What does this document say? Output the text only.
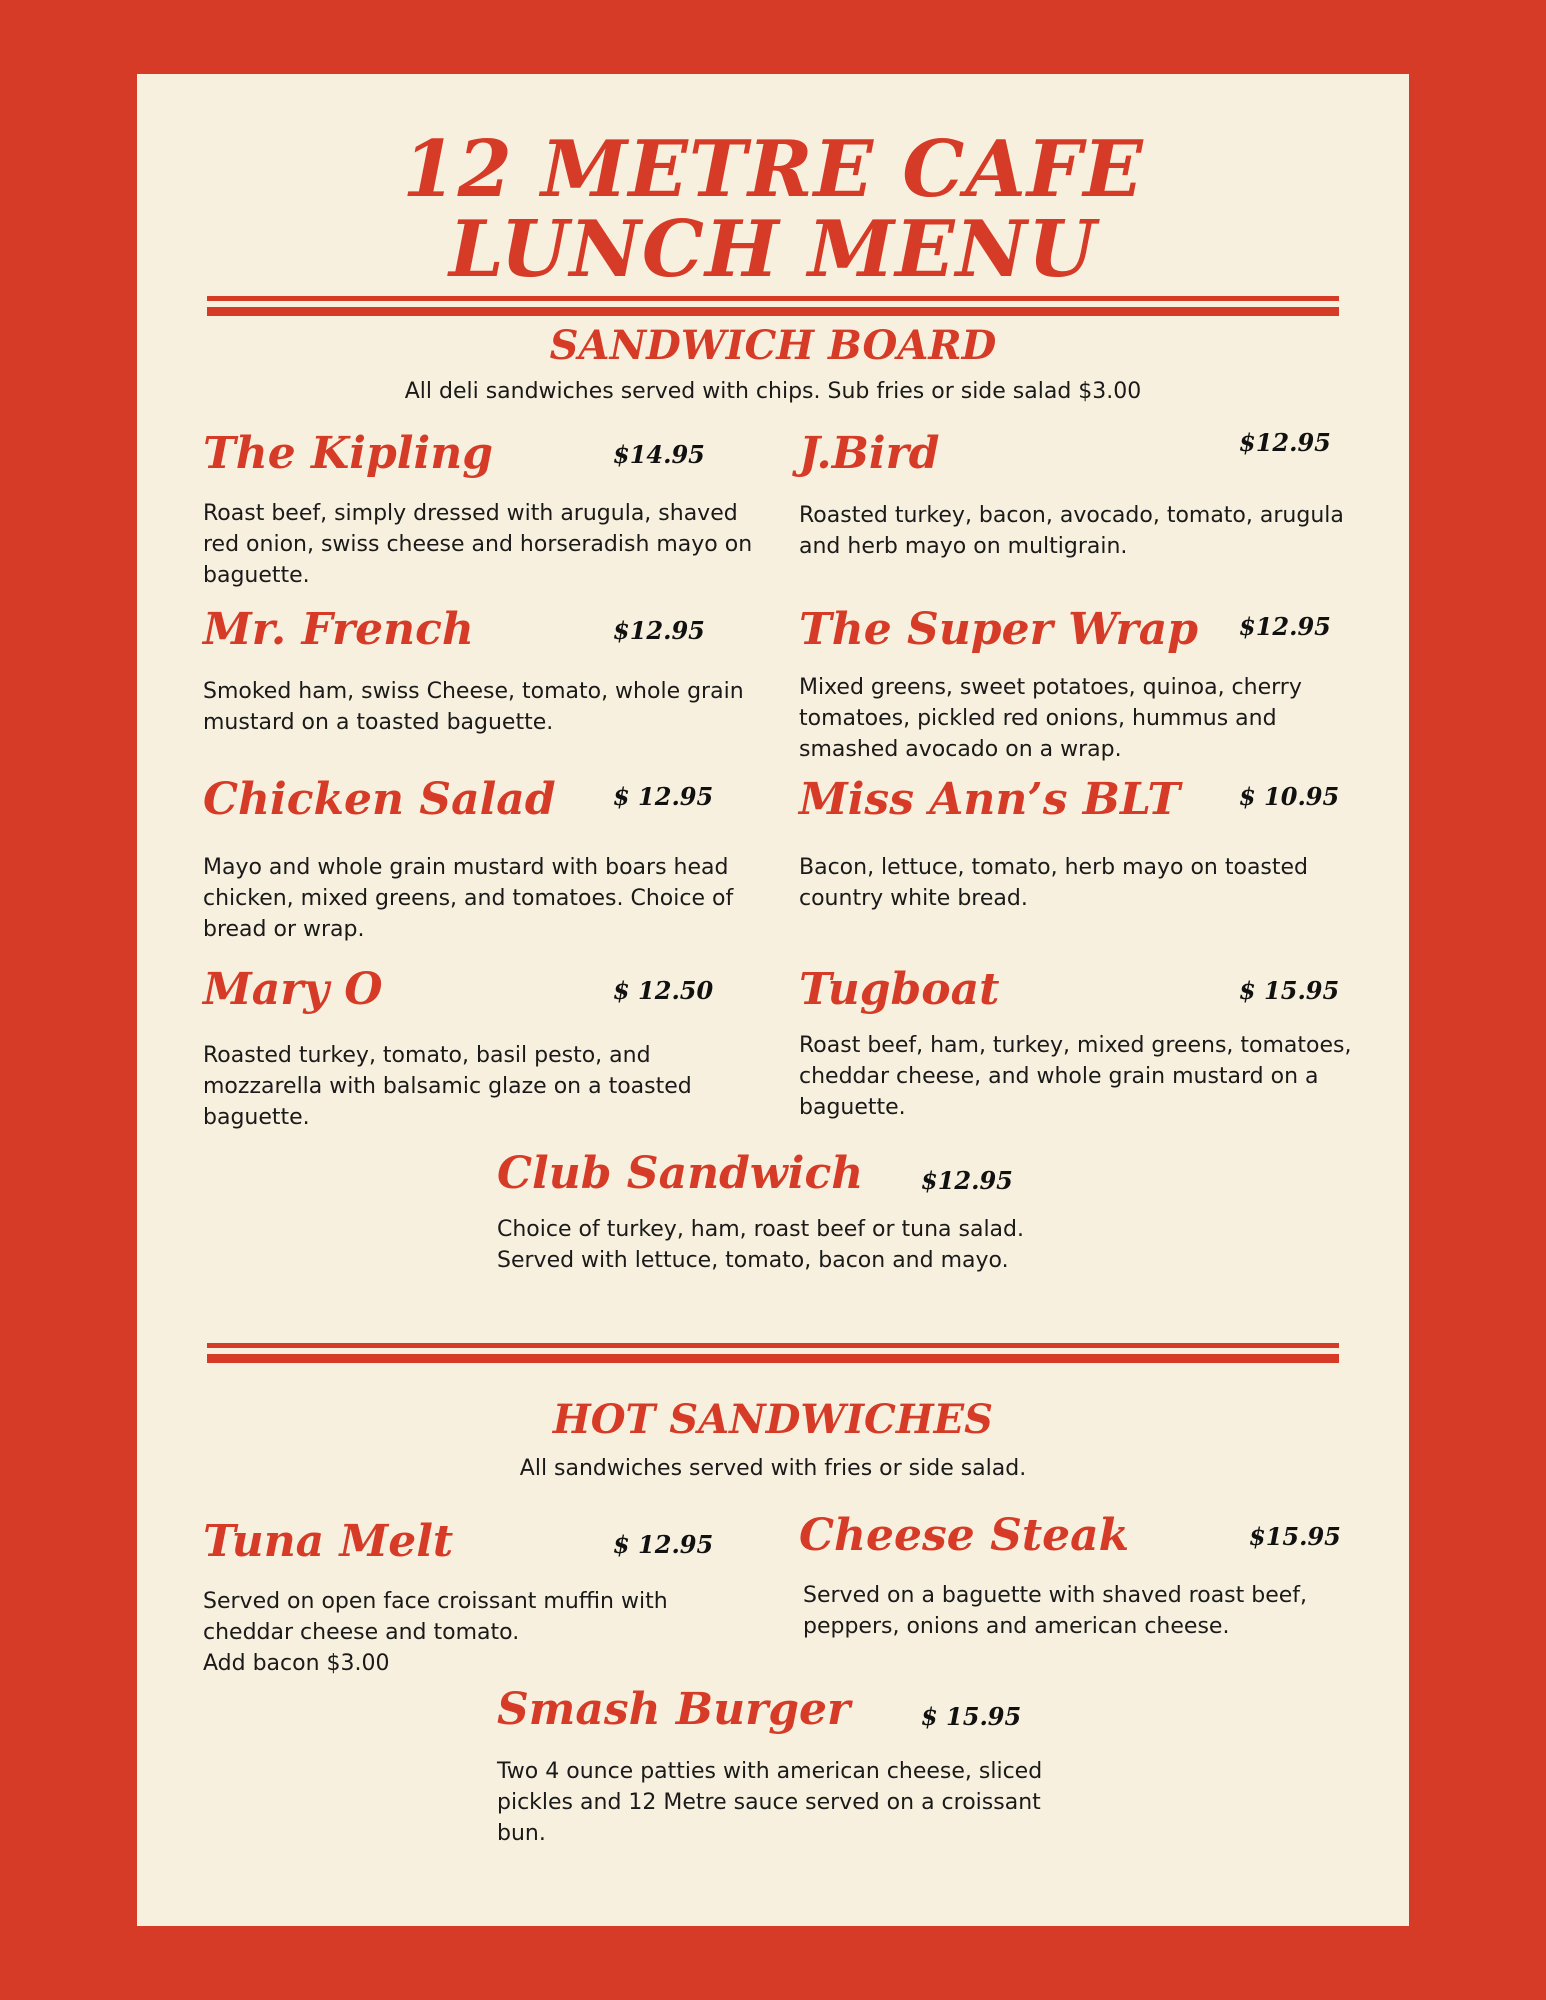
12 METRE CAFE
LUNCH MENU
SANDWICH BOARD
All deli sandwiches served with chips. Sub fries or side salad $3.00
The Kipling	$14.95
Roast beef, simply dressed with arugula, shaved red onion, swiss cheese and horseradish mayo on baguette.
J.Bird	$12.95
Roasted turkey, bacon, avocado, tomato, arugula and herb mayo on multigrain.
Mr. French	$12.95
Smoked ham, swiss Cheese, tomato, whole grain mustard on a toasted baguette.
The Super Wrap $12.95
Mixed greens, sweet potatoes, quinoa, cherry tomatoes, pickled red onions, hummus and smashed avocado on a wrap.
Chicken Salad $ 12.95
Mayo and whole grain mustard with boars head chicken, mixed greens, and tomatoes. Choice of bread or wrap.
Miss Ann’s BLT $ 10.95
Bacon, lettuce, tomato, herb mayo on toasted country white bread.
Mary O	$ 12.50
Roasted turkey, tomato, basil pesto, and mozzarella with balsamic glaze on a toasted baguette.
Tugboat	$ 15.95
Roast beef, ham, turkey, mixed greens, tomatoes, cheddar cheese, and whole grain mustard on a baguette.
Club Sandwich $12.95
Choice of turkey, ham, roast beef or tuna salad. Served with lettuce, tomato, bacon and mayo.
HOT SANDWICHES
All sandwiches served with fries or side salad.
Tuna Melt	$ 12.95
Served on open face croissant muffin with cheddar cheese and tomato.
Add bacon $3.00
Cheese Steak	$15.95
Served on a baguette with shaved roast beef, peppers, onions and american cheese.
Smash Burger	$ 15.95
Two 4 ounce patties with american cheese, sliced pickles and 12 Metre sauce served on a croissant bun.
